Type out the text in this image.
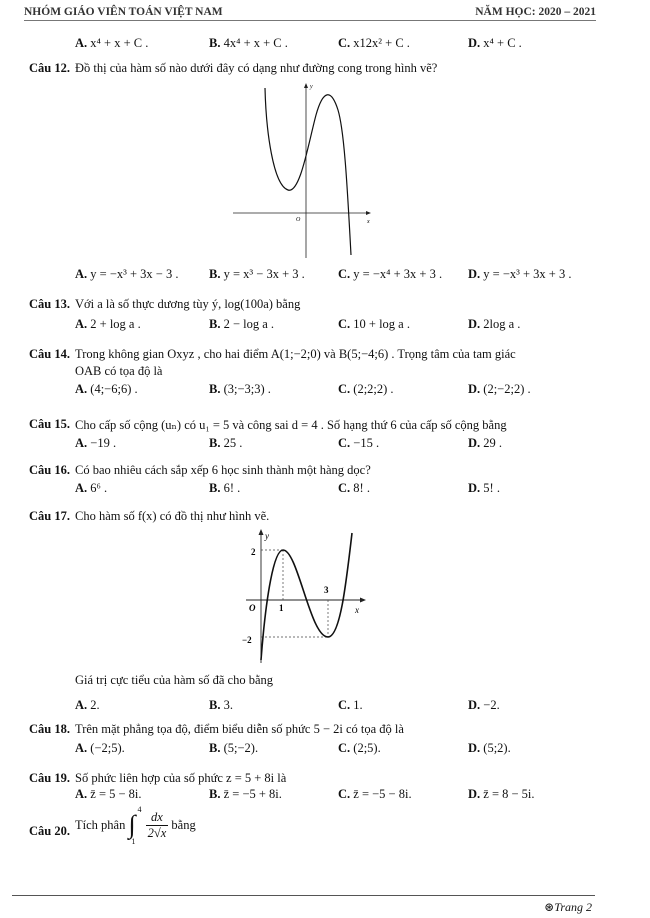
NHÓM GIÁO VIÊN TOÁN VIỆT NAM	NĂM HỌC: 2020 – 2021
A. x⁴ + x + C .	B. 4x⁴ + x + C .	C. x12x² + C .	D. x⁴ + C .
Câu 12. Đồ thị của hàm số nào dưới đây có dạng như đường cong trong hình vẽ?
y
x
O
A. y = −x³ + 3x − 3 . B. y = x³ − 3x + 3 .	C. y = −x⁴ + 3x + 3 . D. y = −x³ + 3x + 3 .
Câu 13. Với a là số thực dương tùy ý, log(100a) bằng
A. 2 + log a .	B. 2 − log a .	C. 10 + log a .	D. 2log a .
Câu 14. Trong không gian Oxyz , cho hai điểm A(1;−2;0) và B(5;−4;6) . Trọng tâm của tam giác
OAB có tọa độ là
A. (4;−6;6) .	B. (3;−3;3) .	C. (2;2;2) .	D. (2;−2;2) .
Câu 15. Cho cấp số cộng (uₙ) có u₁ = 5 và công sai d = 4 . Số hạng thứ 6 của cấp số cộng bằng
A. −19 .	B. 25 .	C. −15 .	D. 29 .
Câu 16. Có bao nhiêu cách sắp xếp 6 học sinh thành một hàng dọc?
A. 6⁶ .	B. 6! .	C. 8! .	D. 5! .
Câu 17. Cho hàm số f(x) có đồ thị như hình vẽ.
y
x
O	1
3
2
−2
Giá trị cực tiểu của hàm số đã cho bằng
A. 2.	B. 3.	C. 1.	D. −2.
Câu 18. Trên mặt phẳng tọa độ, điểm biểu diễn số phức 5 − 2i có tọa độ là
A. (−2;5).	B. (5;−2).	C. (2;5).	D. (5;2).
Câu 19. Số phức liên hợp của số phức z = 5 + 8i là
A. z̄ = 5 − 8i.	B. z̄ = −5 + 8i.	C. z̄ = −5 − 8i.	D. z̄ = 8 − 5i.
Câu 20. Tích phân ∫
4
1
$\frac{dx}{2√x}$ bằng
⊛Trang 2
